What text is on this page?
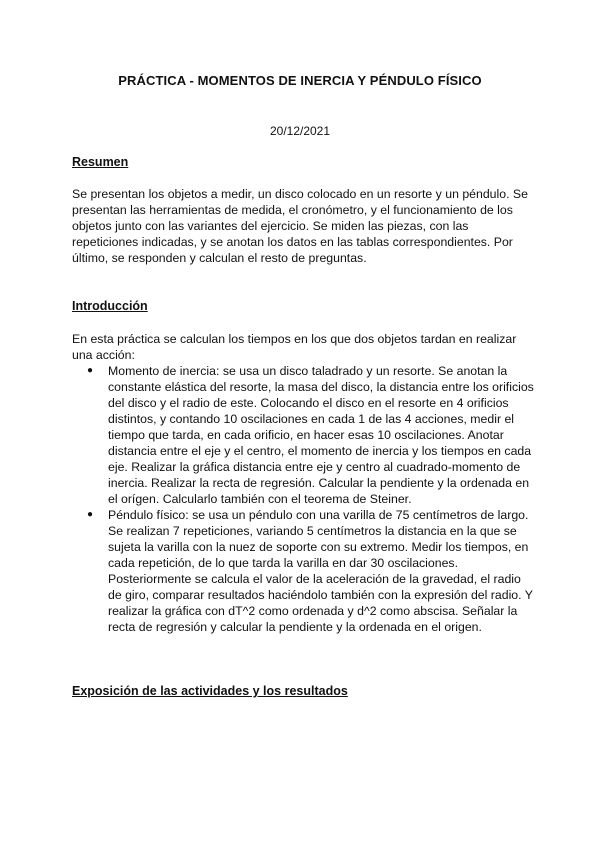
PRÁCTICA - MOMENTOS DE INERCIA Y PÉNDULO FÍSICO
20/12/2021
Resumen
Se presentan los objetos a medir, un disco colocado en un resorte y un péndulo. Se presentan las herramientas de medida, el cronómetro, y el funcionamiento de los objetos junto con las variantes del ejercicio. Se miden las piezas, con las repeticiones indicadas, y se anotan los datos en las tablas correspondientes. Por último, se responden y calculan el resto de preguntas.
Introducción
En esta práctica se calculan los tiempos en los que dos objetos tardan en realizar una acción:
● Momento de inercia: se usa un disco taladrado y un resorte. Se anotan la constante elástica del resorte, la masa del disco, la distancia entre los orificios del disco y el radio de este. Colocando el disco en el resorte en 4 orificios distintos, y contando 10 oscilaciones en cada 1 de las 4 acciones, medir el tiempo que tarda, en cada orificio, en hacer esas 10 oscilaciones. Anotar distancia entre el eje y el centro, el momento de inercia y los tiempos en cada eje. Realizar la gráfica distancia entre eje y centro al cuadrado-momento de inercia. Realizar la recta de regresión. Calcular la pendiente y la ordenada en el orígen. Calcularlo también con el teorema de Steiner.
● Péndulo físico: se usa un péndulo con una varilla de 75 centímetros de largo. Se realizan 7 repeticiones, variando 5 centímetros la distancia en la que se sujeta la varilla con la nuez de soporte con su extremo. Medir los tiempos, en cada repetición, de lo que tarda la varilla en dar 30 oscilaciones. Posteriormente se calcula el valor de la aceleración de la gravedad, el radio de giro, comparar resultados haciéndolo también con la expresión del radio. Y realizar la gráfica con dT^2 como ordenada y d^2 como abscisa. Señalar la recta de regresión y calcular la pendiente y la ordenada en el origen.
Exposición de las actividades y los resultados
